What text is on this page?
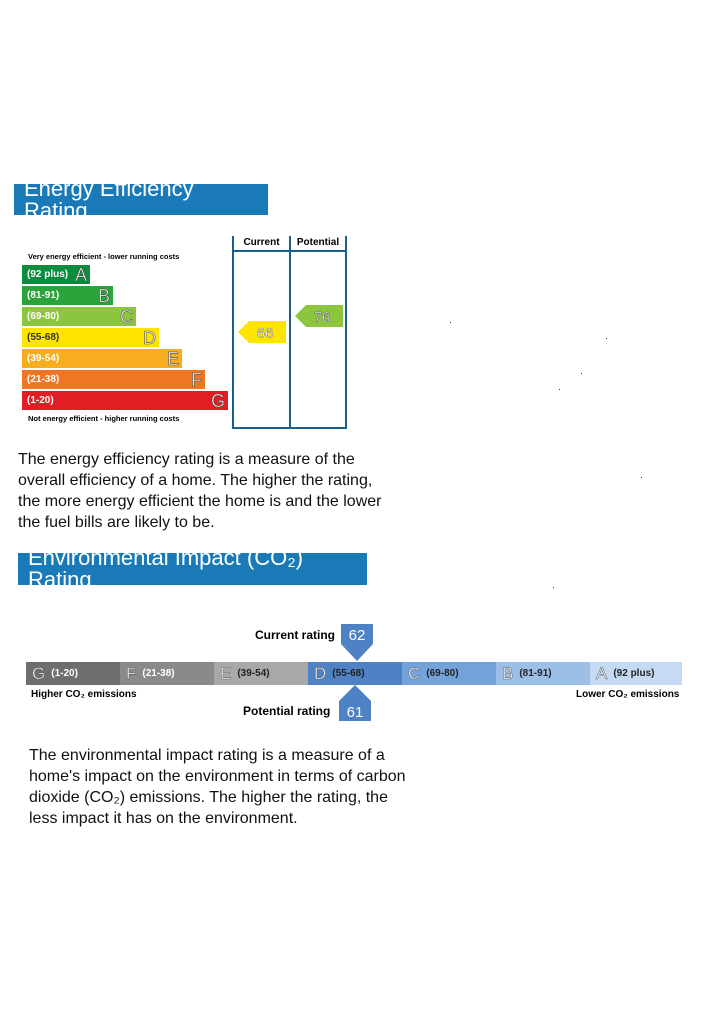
Energy Efficiency Rating
Very energy efficient - lower running costs
Not energy efficient - higher running costs
(92 plus) A
(81-91) B
(69-80)	C
(55-68)	D
(39-54)	E
(21-38)	F
(1-20)	G
Current	Potential
66
76
The energy efficiency rating is a measure of the
overall efficiency of a home. The higher the rating,
the more energy efficient the home is and the lower
the fuel bills are likely to be.
Environmental Impact (CO₂) Rating
Current rating 62
G (1-20)	F (21-38)	E (39-54)	D (55-68)	C (69-80)	B (81-91)	A (92 plus)
Higher CO₂ emissions	Lower CO₂ emissions
Potential rating 61
The environmental impact rating is a measure of a
home's impact on the environment in terms of carbon
dioxide (CO₂) emissions. The higher the rating, the
less impact it has on the environment.
